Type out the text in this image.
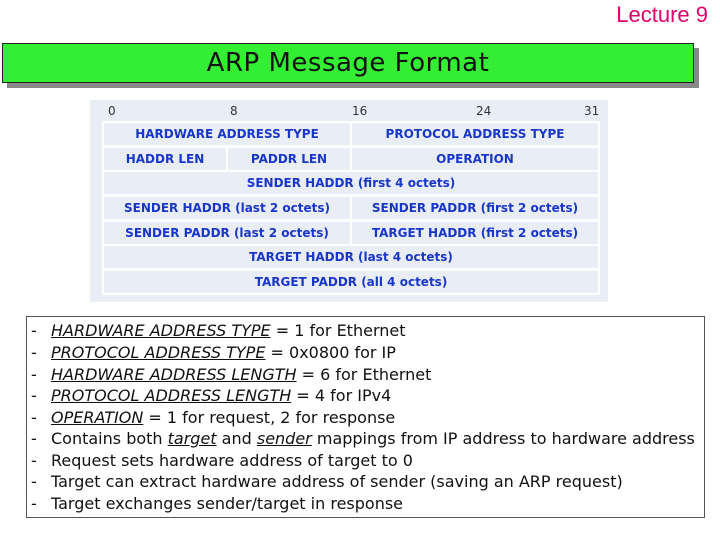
Lecture 9
ARP Message Format
0	8	16	24	31
HARDWARE ADDRESS TYPE	PROTOCOL ADDRESS TYPE
HADDR LEN	PADDR LEN	OPERATION
SENDER HADDR (first 4 octets)
SENDER HADDR (last 2 octets)	SENDER PADDR (first 2 octets)
SENDER PADDR (last 2 octets)	TARGET HADDR (first 2 octets)
TARGET HADDR (last 4 octets)
TARGET PADDR (all 4 octets)
- HARDWARE ADDRESS TYPE = 1 for Ethernet
- PROTOCOL ADDRESS TYPE = 0x0800 for IP
- HARDWARE ADDRESS LENGTH = 6 for Ethernet
- PROTOCOL ADDRESS LENGTH = 4 for IPv4
- OPERATION = 1 for request, 2 for response
- Contains both target and sender mappings from IP address to hardware address
- Request sets hardware address of target to 0
- Target can extract hardware address of sender (saving an ARP request)
- Target exchanges sender/target in response
